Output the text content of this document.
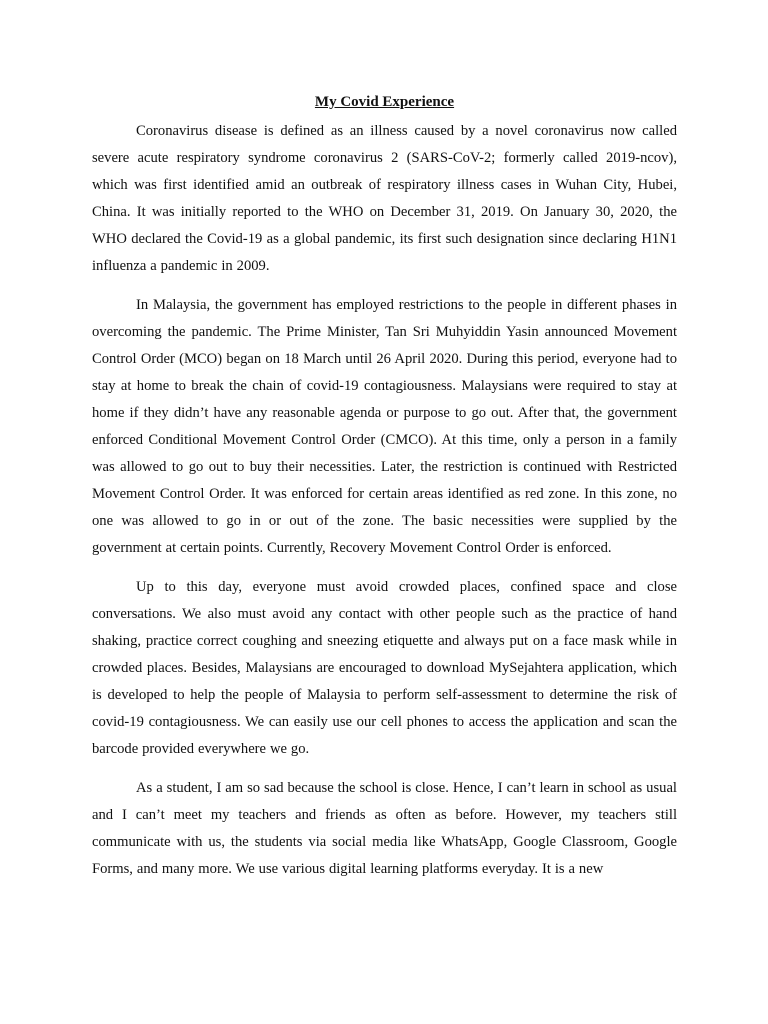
My Covid Experience

Coronavirus disease is defined as an illness caused by a novel coronavirus now called severe acute respiratory syndrome coronavirus 2 (SARS-CoV-2; formerly called 2019-ncov), which was first identified amid an outbreak of respiratory illness cases in Wuhan City, Hubei, China. It was initially reported to the WHO on December 31, 2019. On January 30, 2020, the WHO declared the Covid-19 as a global pandemic, its first such designation since declaring H1N1 influenza a pandemic in 2009.

In Malaysia, the government has employed restrictions to the people in different phases in overcoming the pandemic. The Prime Minister, Tan Sri Muhyiddin Yasin announced Movement Control Order (MCO) began on 18 March until 26 April 2020. During this period, everyone had to stay at home to break the chain of covid-19 contagiousness. Malaysians were required to stay at home if they didn’t have any reasonable agenda or purpose to go out. After that, the government enforced Conditional Movement Control Order (CMCO). At this time, only a person in a family was allowed to go out to buy their necessities. Later, the restriction is continued with Restricted Movement Control Order. It was enforced for certain areas identified as red zone. In this zone, no one was allowed to go in or out of the zone. The basic necessities were supplied by the government at certain points. Currently, Recovery Movement Control Order is enforced.

Up to this day, everyone must avoid crowded places, confined space and close conversations. We also must avoid any contact with other people such as the practice of hand shaking, practice correct coughing and sneezing etiquette and always put on a face mask while in crowded places. Besides, Malaysians are encouraged to download MySejahtera application, which is developed to help the people of Malaysia to perform self-assessment to determine the risk of covid-19 contagiousness. We can easily use our cell phones to access the application and scan the barcode provided everywhere we go.

As a student, I am so sad because the school is close. Hence, I can’t learn in school as usual and I can’t meet my teachers and friends as often as before. However, my teachers still communicate with us, the students via social media like WhatsApp, Google Classroom, Google Forms, and many more. We use various digital learning platforms everyday. It is a new
